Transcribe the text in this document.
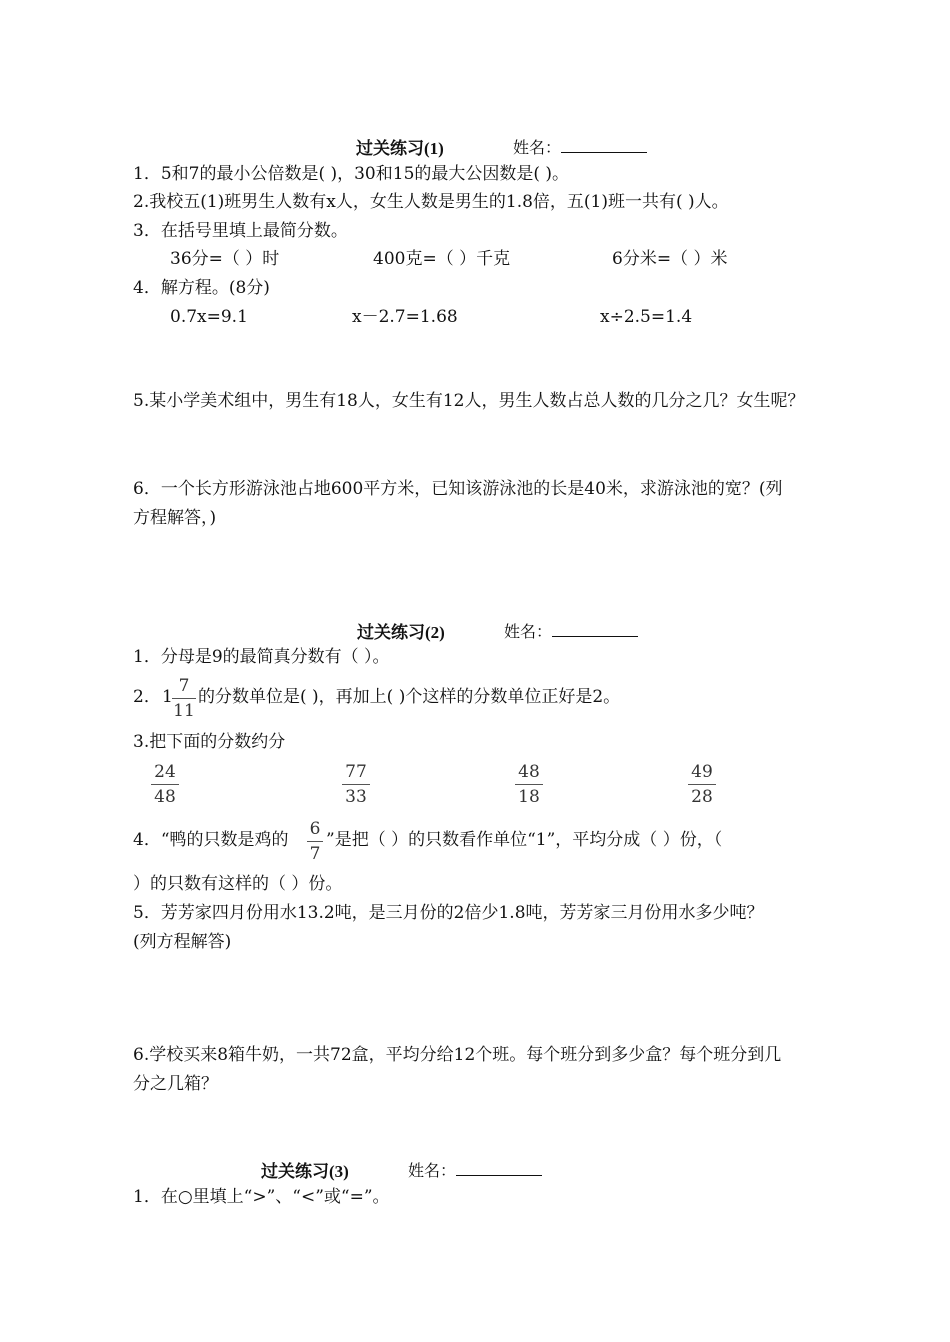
过关练习(1)	姓名：
1．5和7的最小公倍数是( )，30和15的最大公因数是( )。
2.我校五(1)班男生人数有x人，女生人数是男生的1.8倍，五(1)班一共有( )人。
3．在括号里填上最简分数。
36分=（ ）时	400克=（ ）千克	6分米=（ ）米
4．解方程。(8分)
0.7x=9.1	x－2.7=1.68	x÷2.5=1.4
5.某小学美术组中，男生有18人，女生有12人，男生人数占总人数的几分之几？女生呢？
6．一个长方形游泳池占地600平方米，已知该游泳池的长是40米，求游泳池的宽？(列
方程解答，)
过关练习(2)	姓名：
1．分母是9的最简真分数有（ ）。
2． 1
7
11
的分数单位是( )，再加上( )个这样的分数单位正好是2。
3.把下面的分数约分
24
48
77
33
48
18
49
28
4．“鸭的只数是鸡的
6
7
”是把（ ）的只数看作单位“1”，平均分成（ ）份，（
）的只数有这样的（ ）份。
5．芳芳家四月份用水13.2吨，是三月份的2倍少1.8吨，芳芳家三月份用水多少吨？
(列方程解答)
6.学校买来8箱牛奶，一共72盒，平均分给12个班。每个班分到多少盒？每个班分到几
分之几箱？
过关练习(3)	姓名：
1．在○里填上“>”、“<”或“=”。
